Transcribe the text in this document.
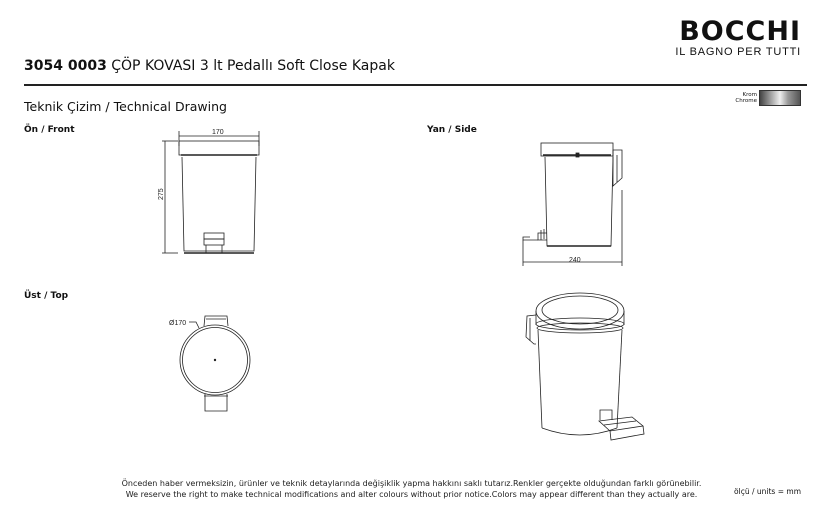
BOCCHI
IL BAGNO PER TUTTI
3054 0003 ÇÖP KOVASI 3 lt Pedallı Soft Close Kapak
Teknik Çizim / Technical Drawing
Krom
Chrome
Ön / Front	Yan / Side
Üst / Top
170
275
240
Ø170
Önceden haber vermeksizin, ürünler ve teknik detaylarında değişiklik yapma hakkını saklı tutarız.Renkler gerçekte olduğundan farklı görünebilir.
We reserve the right to make technical modifications and alter colours without prior notice.Colors may appear different than they actually are.	ölçü / units = mm
